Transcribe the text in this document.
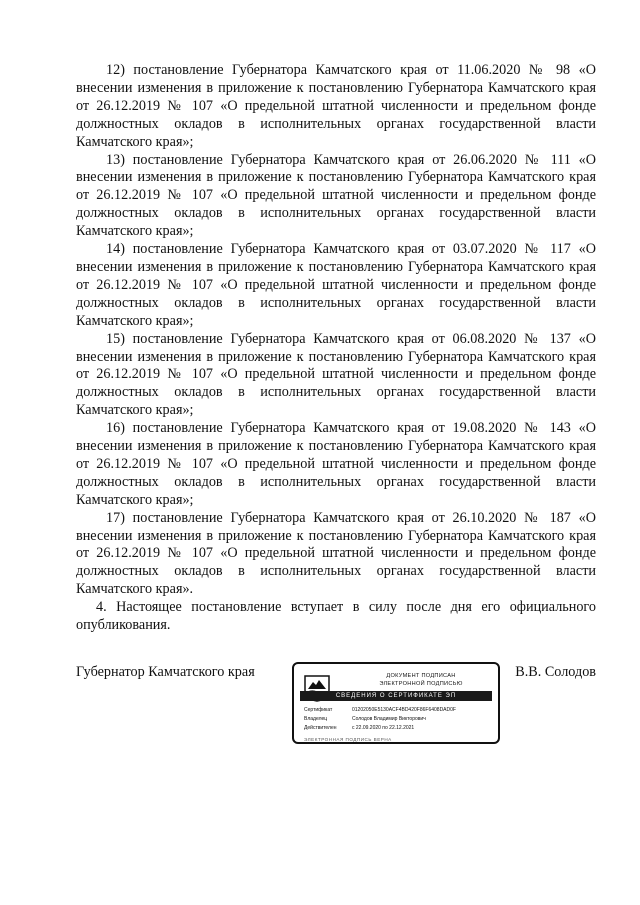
12) постановление Губернатора Камчатского края от 11.06.2020 № 98 «О внесении изменения в приложение к постановлению Губернатора Камчатского края от 26.12.2019 № 107 «О предельной штатной численности и предельном фонде должностных окладов в исполнительных органах государственной власти Камчатского края»;

13) постановление Губернатора Камчатского края от 26.06.2020 № 111 «О внесении изменения в приложение к постановлению Губернатора Камчатского края от 26.12.2019 № 107 «О предельной штатной численности и предельном фонде должностных окладов в исполнительных органах государственной власти Камчатского края»;

14) постановление Губернатора Камчатского края от 03.07.2020 № 117 «О внесении изменения в приложение к постановлению Губернатора Камчатского края от 26.12.2019 № 107 «О предельной штатной численности и предельном фонде должностных окладов в исполнительных органах государственной власти Камчатского края»;

15) постановление Губернатора Камчатского края от 06.08.2020 № 137 «О внесении изменения в приложение к постановлению Губернатора Камчатского края от 26.12.2019 № 107 «О предельной штатной численности и предельном фонде должностных окладов в исполнительных органах государственной власти Камчатского края»;

16) постановление Губернатора Камчатского края от 19.08.2020 № 143 «О внесении изменения в приложение к постановлению Губернатора Камчатского края от 26.12.2019 № 107 «О предельной штатной численности и предельном фонде должностных окладов в исполнительных органах государственной власти Камчатского края»;

17) постановление Губернатора Камчатского края от 26.10.2020 № 187 «О внесении изменения в приложение к постановлению Губернатора Камчатского края от 26.12.2019 № 107 «О предельной штатной численности и предельном фонде должностных окладов в исполнительных органах государственной власти Камчатского края».

4. Настоящее постановление вступает в силу после дня его официального опубликования.

Губернатор Камчатского края	ДОКУМЕНТ ПОДПИСАН
ЭЛЕКТРОННОЙ ПОДПИСЬЮ
СВЕДЕНИЯ О СЕРТИФИКАТЕ ЭП
Сертификат	01202050E5130ACF4BD420F86F6408DAD0F
Владелец	Солодов Владимир Викторович
Действителен	с 22.09.2020 по 22.12.2021
ЭЛЕКТРОННАЯ ПОДПИСЬ ВЕРНА
В.В. Солодов
